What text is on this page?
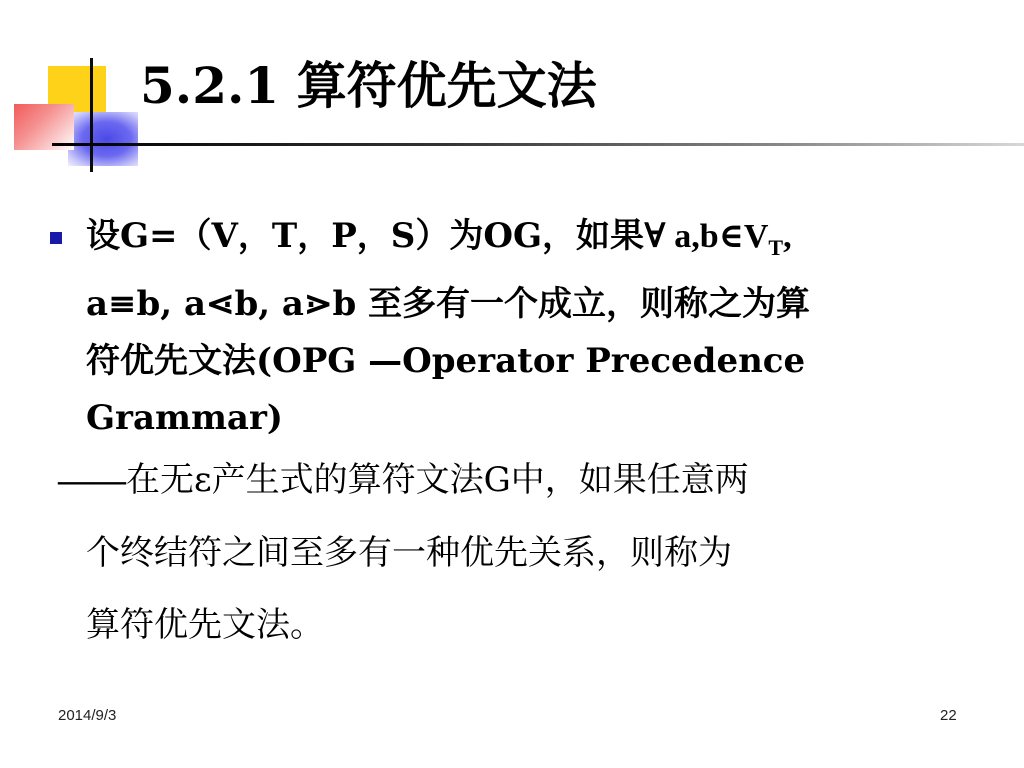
5.2.1 算符优先文法

设G=（V，T，P，S）为OG，如果∀ $a,b\in V_T$,
a≡b, a⋖b, a⋗b 至多有一个成立，则称之为算
符优先文法(OPG —Operator Precedence
Grammar)

——在无ε产生式的算符文法G中，如果任意两
个终结符之间至多有一种优先关系，则称为
算符优先文法。

2014/9/3	22
